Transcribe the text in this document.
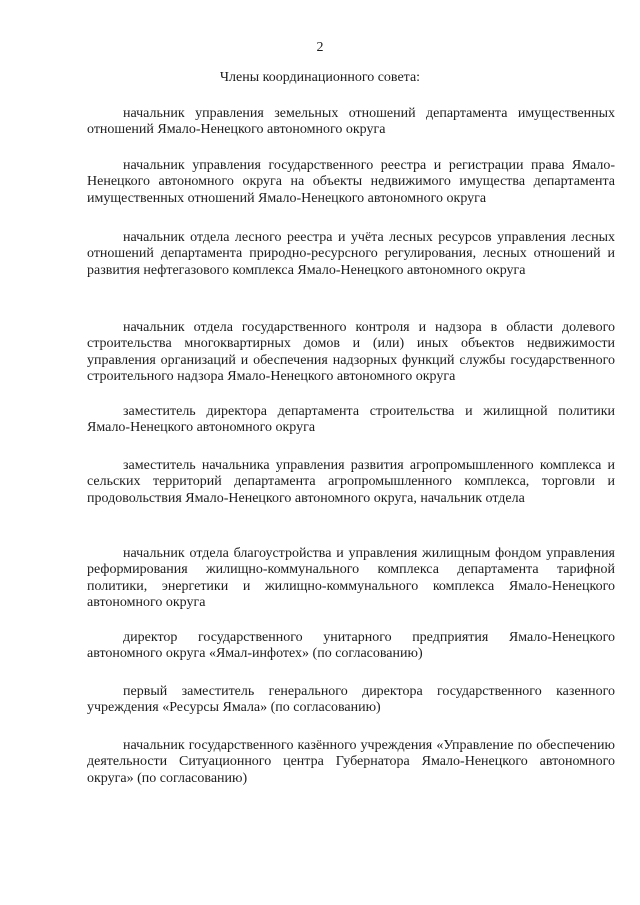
2
Члены координационного совета:

начальник управления земельных отношений департамента имущественных отношений Ямало-Ненецкого автономного округа

начальник управления государственного реестра и регистрации права Ямало-Ненецкого автономного округа на объекты недвижимого имущества департамента имущественных отношений Ямало-Ненецкого автономного округа

начальник отдела лесного реестра и учёта лесных ресурсов управления лесных отношений департамента природно-ресурсного регулирования, лесных отношений и развития нефтегазового комплекса Ямало-Ненецкого автономного округа

начальник отдела государственного контроля и надзора в области долевого строительства многоквартирных домов и (или) иных объектов недвижимости управления организаций и обеспечения надзорных функций службы государственного строительного надзора Ямало-Ненецкого автономного округа

заместитель директора департамента строительства и жилищной политики Ямало-Ненецкого автономного округа

заместитель начальника управления развития агропромышленного комплекса и сельских территорий департамента агропромышленного комплекса, торговли и продовольствия Ямало-Ненецкого автономного округа, начальник отдела

начальник отдела благоустройства и управления жилищным фондом управления реформирования жилищно-коммунального комплекса департамента тарифной политики, энергетики и жилищно-коммунального комплекса Ямало-Ненецкого автономного округа

директор государственного унитарного предприятия Ямало-Ненецкого автономного округа «Ямал-инфотех» (по согласованию)

первый заместитель генерального директора государственного казенного учреждения «Ресурсы Ямала» (по согласованию)

начальник государственного казённого учреждения «Управление по обеспечению деятельности Ситуационного центра Губернатора Ямало-Ненецкого автономного округа» (по согласованию)
